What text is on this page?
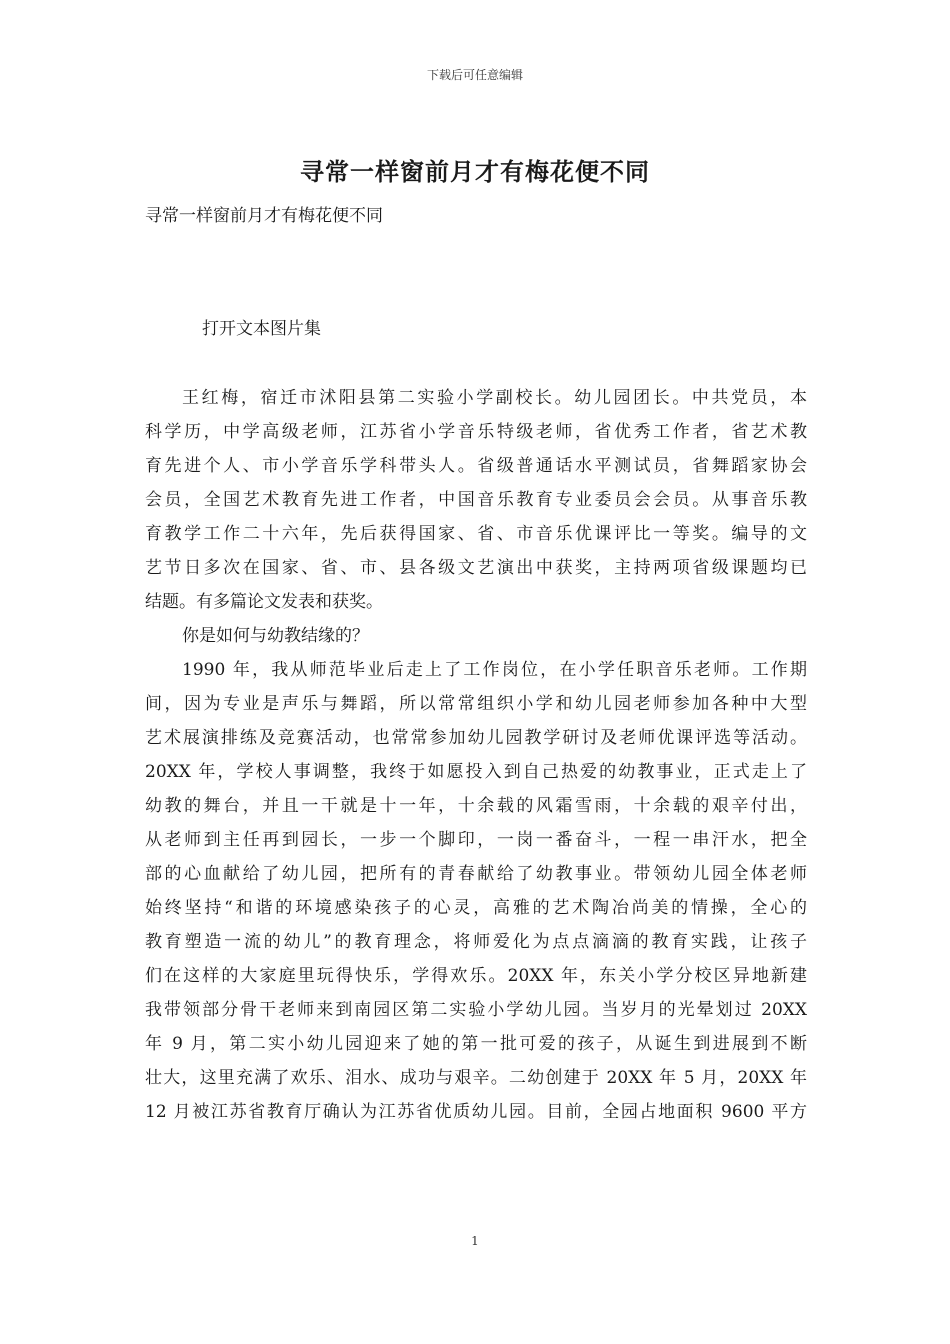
下载后可任意编辑
寻常一样窗前月才有梅花便不同
寻常一样窗前月才有梅花便不同
打开文本图片集
王红梅，宿迁市沭阳县第二实验小学副校长。幼儿园团长。中共党员，本
科学历，中学高级老师，江苏省小学音乐特级老师，省优秀工作者，省艺术教
育先进个人、市小学音乐学科带头人。省级普通话水平测试员，省舞蹈家协会
会员，全国艺术教育先进工作者，中国音乐教育专业委员会会员。从事音乐教
育教学工作二十六年，先后获得国家、省、市音乐优课评比一等奖。编导的文
艺节日多次在国家、省、市、县各级文艺演出中获奖，主持两项省级课题均已
结题。有多篇论文发表和获奖。
你是如何与幼教结缘的？
1990 年，我从师范毕业后走上了工作岗位，在小学任职音乐老师。工作期
间，因为专业是声乐与舞蹈，所以常常组织小学和幼儿园老师参加各种中大型
艺术展演排练及竞赛活动，也常常参加幼儿园教学研讨及老师优课评选等活动。
20XX 年，学校人事调整，我终于如愿投入到自己热爱的幼教事业，正式走上了
幼教的舞台，并且一干就是十一年，十余载的风霜雪雨，十余载的艰辛付出，
从老师到主任再到园长，一步一个脚印，一岗一番奋斗，一程一串汗水，把全
部的心血献给了幼儿园，把所有的青春献给了幼教事业。带领幼儿园全体老师
始终坚持“和谐的环境感染孩子的心灵，高雅的艺术陶冶尚美的情操，全心的
教育塑造一流的幼儿”的教育理念，将师爱化为点点滴滴的教育实践，让孩子
们在这样的大家庭里玩得快乐，学得欢乐。20XX 年，东关小学分校区异地新建
我带领部分骨干老师来到南园区第二实验小学幼儿园。当岁月的光晕划过 20XX
年 9 月，第二实小幼儿园迎来了她的第一批可爱的孩子，从诞生到进展到不断
壮大，这里充满了欢乐、泪水、成功与艰辛。二幼创建于 20XX 年 5 月，20XX 年
12 月被江苏省教育厅确认为江苏省优质幼儿园。目前，全园占地面积 9600 平方
1
